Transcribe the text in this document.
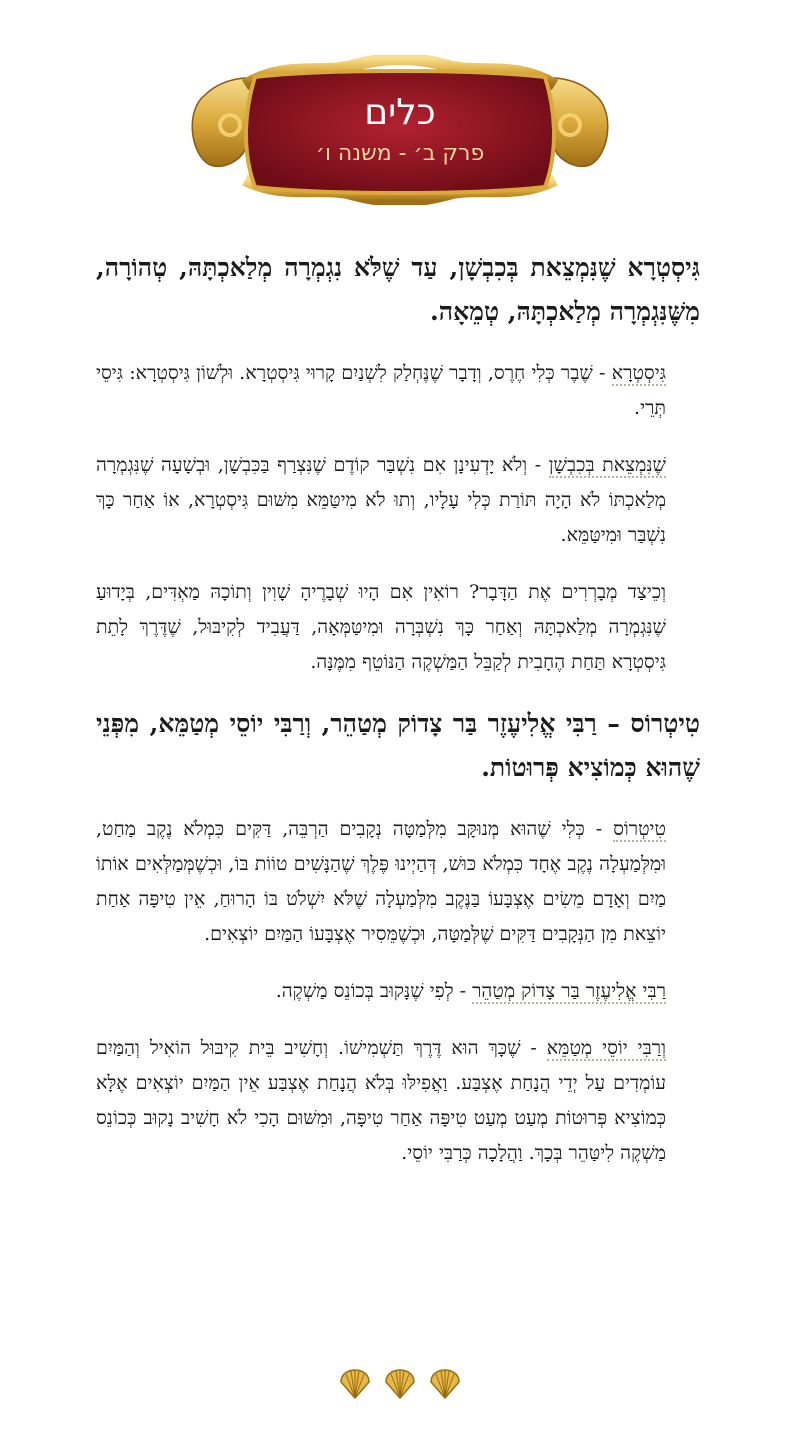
כלים
פרק ב׳ - משנה ו׳

גִּיסְטְרָא שֶׁנִּמְצֵאת בְּכִבְשָׁן, עַד שֶׁלֹּא נִגְמְרָה מְלַאכְתָּהּ, טְהוֹרָה, מִשֶּׁנִּגְמְרָה מְלַאכְתָּהּ, טְמֵאָה.

גִּיסְטְרָא - שֶׁבֶר כְּלִי חֶרֶס, וְדָבָר שֶׁנֶּחְלַק לִשְׁנַיִם קָרוּי גִּיסְטְרָא. וּלְשׁוֹן גִּיסְטְרָא: גִּיסֵי תְּרֵי.

שֶׁנִּמְצֵאת בְּכִבְשָׁן - וְלֹא יָדְעִינָן אִם נִשְׁבַּר קוֹדֶם שֶׁנִּצְרַף בַּכִּבְשָׁן, וּבְשָׁעָה שֶׁנִּגְמְרָה מְלַאכְתּוֹ לֹא הָיָה תּוֹרַת כְּלִי עָלָיו, וְתוּ לֹא מִיטַּמֵּא מִשּׁוּם גִּיסְטְרָא, אוֹ אַחַר כָּךְ נִשְׁבַּר וּמִיטַּמֵּא.

וְכֵיצַד מְבָרְרִים אֶת הַדָּבָר? רוֹאִין אִם הָיוּ שְׁבָרֶיהָ שָׁוִין וְתוֹכָהּ מַאְדִּים, בְּיָדוּעַ שֶׁנִּגְמְרָה מְלַאכְתָּהּ וְאַחַר כָּךְ נִשְׁבְּרָה וּמִיטַּמְּאָה, דַּעֲבִיד לְקִיבּוּל, שֶׁדֶּרֶךְ לָתֵת גִּיסְטְרָא תַּחַת הֶחָבִית לְקַבֵּל הַמַּשְׁקֶה הַנּוֹטֵף מִמֶּנָּה.

טִיטְרוֹס – רַבִּי אֱלִיעֶזֶר בַּר צָדוֹק מְטַהֵר, וְרַבִּי יוֹסֵי מְטַמֵּא, מִפְּנֵי שֶׁהוּא כְּמוֹצִיא פְּרוּטוֹת.

טִיטְרוֹס - כְּלִי שֶׁהוּא מְנוּקָּב מִלְּמַטָּה נְקָבִים הַרְבֵּה, דַּקִּים כִּמְלֹא נֶקֶב מַחַט, וּמִלְּמַעְלָה נֶקֶב אֶחָד כִּמְלֹא כּוּשׁ, דְּהַיְינוּ פֶּלֶךְ שֶׁהַנָּשִׁים טוֹוֹת בּוֹ, וּכְשֶׁמְּמַלְּאִים אוֹתוֹ מַיִם וְאָדָם מֵשִׂים אֶצְבָּעוֹ בַּנֶּקֶב מִלְּמַעְלָה שֶׁלֹּא יִשְׁלֹט בּוֹ הָרוּחַ, אֵין טִיפָּה אַחַת יוֹצֵאת מִן הַנְּקָבִים דַּקִּים שֶׁלְּמַטָּה, וּכְשֶׁמֵּסִיר אֶצְבָּעוֹ הַמַּיִם יוֹצְאִים.

רַבִּי אֱלִיעֶזֶר בַּר צָדוֹק מְטַהֵר - לְפִי שֶׁנָּקוּב בְּכוֹנֵס מַשְׁקֶה.

וְרַבִּי יוֹסֵי מְטַמֵּא - שֶׁכָּךְ הוּא דֶּרֶךְ תַּשְׁמִישׁוֹ. וְחָשִׁיב בֵּית קִיבּוּל הוֹאִיל וְהַמַּיִם עוֹמְדִים עַל יְדֵי הֲנָחַת אֶצְבַּע. וַאֲפִילּוּ בְּלֹא הֲנָחַת אֶצְבַּע אֵין הַמַּיִם יוֹצְאִים אֶלָּא כְּמוֹצִיא פְּרוּטוֹת מְעַט מְעַט טִיפָּה אַחַר טִיפָּה, וּמִשּׁוּם הָכִי לֹא חָשִׁיב נָקוּב כְּכוֹנֵס מַשְׁקֶה לִיטַּהֵר בְּכָךְ. וַהֲלָכָה כְּרַבִּי יוֹסֵי.
